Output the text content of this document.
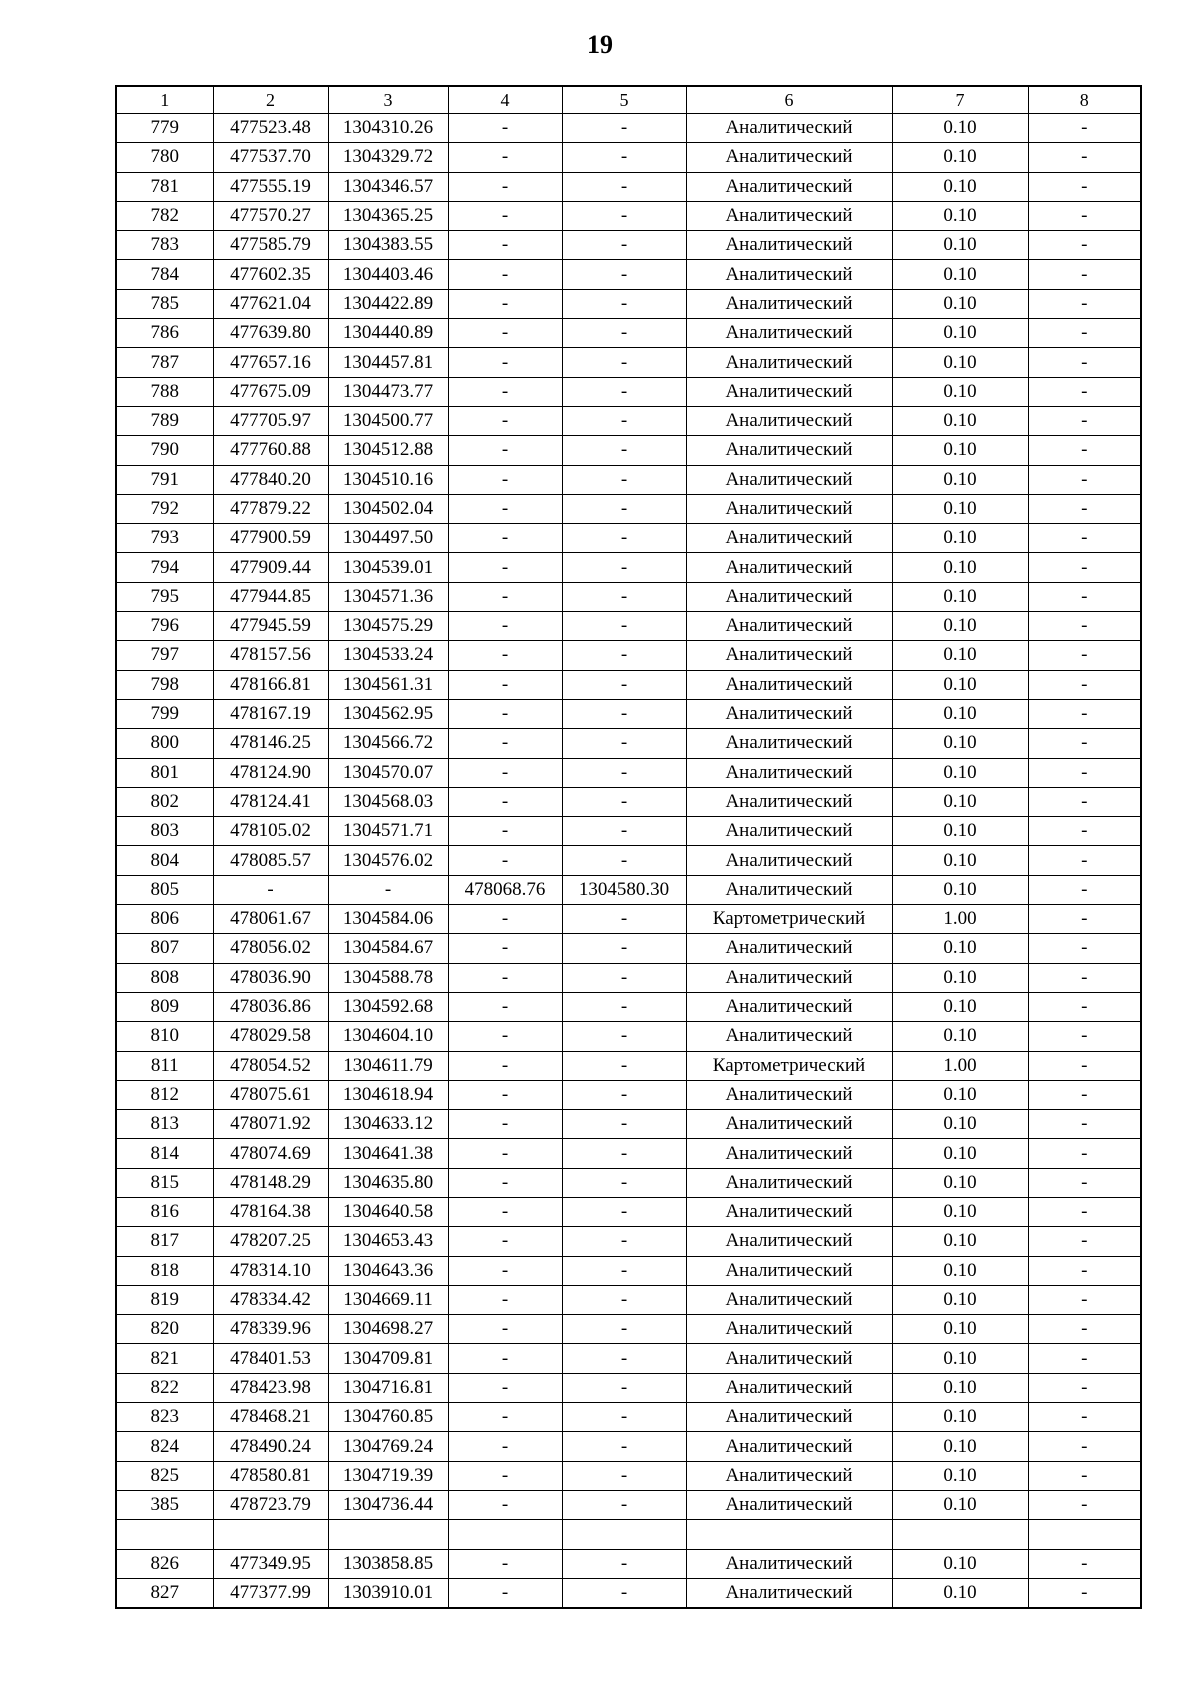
19
1	2	3	4	5	6	7	8
779	477523.48	1304310.26	-	-	Аналитический	0.10	-
780	477537.70	1304329.72	-	-	Аналитический	0.10	-
781	477555.19	1304346.57	-	-	Аналитический	0.10	-
782	477570.27	1304365.25	-	-	Аналитический	0.10	-
783	477585.79	1304383.55	-	-	Аналитический	0.10	-
784	477602.35	1304403.46	-	-	Аналитический	0.10	-
785	477621.04	1304422.89	-	-	Аналитический	0.10	-
786	477639.80	1304440.89	-	-	Аналитический	0.10	-
787	477657.16	1304457.81	-	-	Аналитический	0.10	-
788	477675.09	1304473.77	-	-	Аналитический	0.10	-
789	477705.97	1304500.77	-	-	Аналитический	0.10	-
790	477760.88	1304512.88	-	-	Аналитический	0.10	-
791	477840.20	1304510.16	-	-	Аналитический	0.10	-
792	477879.22	1304502.04	-	-	Аналитический	0.10	-
793	477900.59	1304497.50	-	-	Аналитический	0.10	-
794	477909.44	1304539.01	-	-	Аналитический	0.10	-
795	477944.85	1304571.36	-	-	Аналитический	0.10	-
796	477945.59	1304575.29	-	-	Аналитический	0.10	-
797	478157.56	1304533.24	-	-	Аналитический	0.10	-
798	478166.81	1304561.31	-	-	Аналитический	0.10	-
799	478167.19	1304562.95	-	-	Аналитический	0.10	-
800	478146.25	1304566.72	-	-	Аналитический	0.10	-
801	478124.90	1304570.07	-	-	Аналитический	0.10	-
802	478124.41	1304568.03	-	-	Аналитический	0.10	-
803	478105.02	1304571.71	-	-	Аналитический	0.10	-
804	478085.57	1304576.02	-	-	Аналитический	0.10	-
805	-	-	478068.76	1304580.30	Аналитический	0.10	-
806	478061.67	1304584.06	-	-	Картометрический	1.00	-
807	478056.02	1304584.67	-	-	Аналитический	0.10	-
808	478036.90	1304588.78	-	-	Аналитический	0.10	-
809	478036.86	1304592.68	-	-	Аналитический	0.10	-
810	478029.58	1304604.10	-	-	Аналитический	0.10	-
811	478054.52	1304611.79	-	-	Картометрический	1.00	-
812	478075.61	1304618.94	-	-	Аналитический	0.10	-
813	478071.92	1304633.12	-	-	Аналитический	0.10	-
814	478074.69	1304641.38	-	-	Аналитический	0.10	-
815	478148.29	1304635.80	-	-	Аналитический	0.10	-
816	478164.38	1304640.58	-	-	Аналитический	0.10	-
817	478207.25	1304653.43	-	-	Аналитический	0.10	-
818	478314.10	1304643.36	-	-	Аналитический	0.10	-
819	478334.42	1304669.11	-	-	Аналитический	0.10	-
820	478339.96	1304698.27	-	-	Аналитический	0.10	-
821	478401.53	1304709.81	-	-	Аналитический	0.10	-
822	478423.98	1304716.81	-	-	Аналитический	0.10	-
823	478468.21	1304760.85	-	-	Аналитический	0.10	-
824	478490.24	1304769.24	-	-	Аналитический	0.10	-
825	478580.81	1304719.39	-	-	Аналитический	0.10	-
385	478723.79	1304736.44	-	-	Аналитический	0.10	-

826	477349.95	1303858.85	-	-	Аналитический	0.10	-
827	477377.99	1303910.01	-	-	Аналитический	0.10	-
